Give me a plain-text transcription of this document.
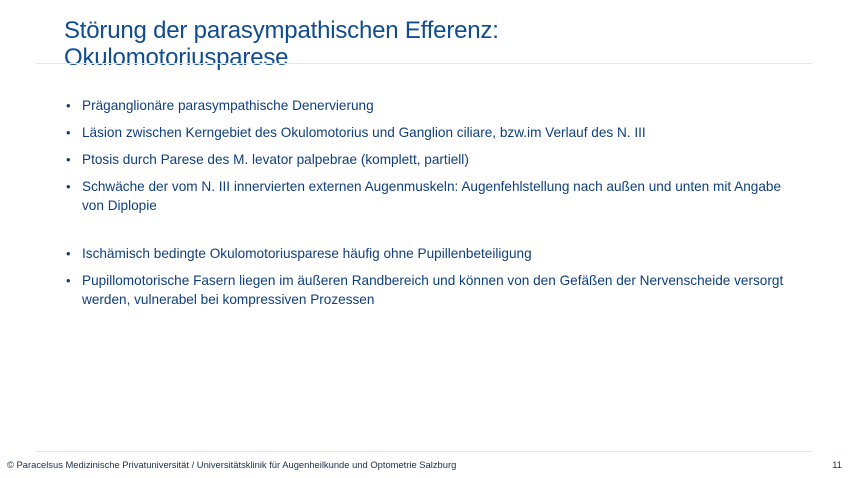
Störung der parasympathischen Efferenz:
Okulomotoriusparese
• Präganglionäre parasympathische Denervierung
• Läsion zwischen Kerngebiet des Okulomotorius und Ganglion ciliare, bzw.im Verlauf des N. III
• Ptosis durch Parese des M. levator palpebrae (komplett, partiell)
• Schwäche der vom N. III innervierten externen Augenmuskeln: Augenfehlstellung nach außen und unten mit Angabe von Diplopie
• Ischämisch bedingte Okulomotoriusparese häufig ohne Pupillenbeteiligung
• Pupillomotorische Fasern liegen im äußeren Randbereich und können von den Gefäßen der Nervenscheide versorgt werden, vulnerabel bei kompressiven Prozessen
© Paracelsus Medizinische Privatuniversität / Universitätsklinik für Augenheilkunde und Optometrie Salzburg	11
